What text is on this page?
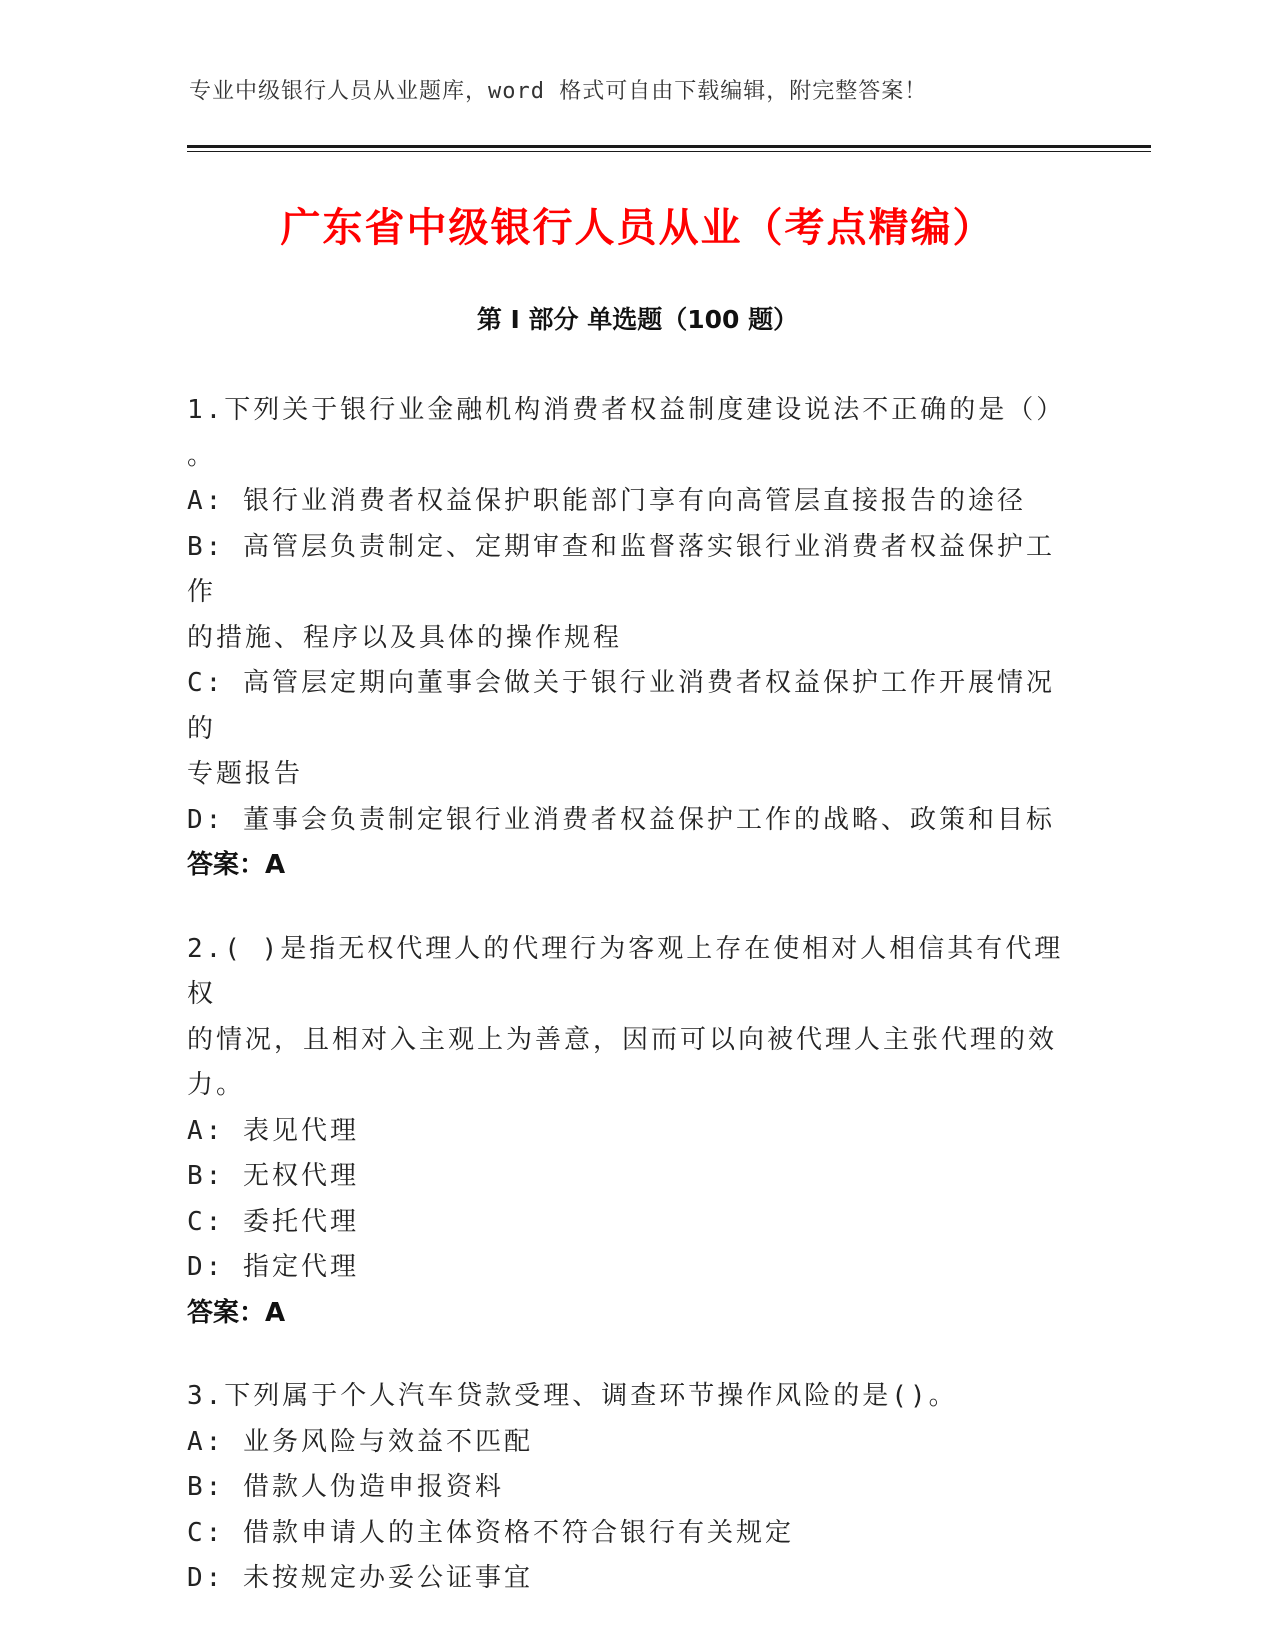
专业中级银行人员从业题库，word 格式可自由下载编辑，附完整答案！
广东省中级银行人员从业（考点精编）
第 I 部分 单选题（100 题）
1.下列关于银行业金融机构消费者权益制度建设说法不正确的是（）
。
A: 银行业消费者权益保护职能部门享有向高管层直接报告的途径
B: 高管层负责制定、定期审查和监督落实银行业消费者权益保护工作
的措施、程序以及具体的操作规程
C: 高管层定期向董事会做关于银行业消费者权益保护工作开展情况的
专题报告
D: 董事会负责制定银行业消费者权益保护工作的战略、政策和目标
答案：A
2.( )是指无权代理人的代理行为客观上存在使相对人相信其有代理权
的情况，且相对入主观上为善意，因而可以向被代理人主张代理的效
力。
A: 表见代理
B: 无权代理
C: 委托代理
D: 指定代理
答案：A
3.下列属于个人汽车贷款受理、调查环节操作风险的是()。
A: 业务风险与效益不匹配
B: 借款人伪造申报资料
C: 借款申请人的主体资格不符合银行有关规定
D: 未按规定办妥公证事宜
